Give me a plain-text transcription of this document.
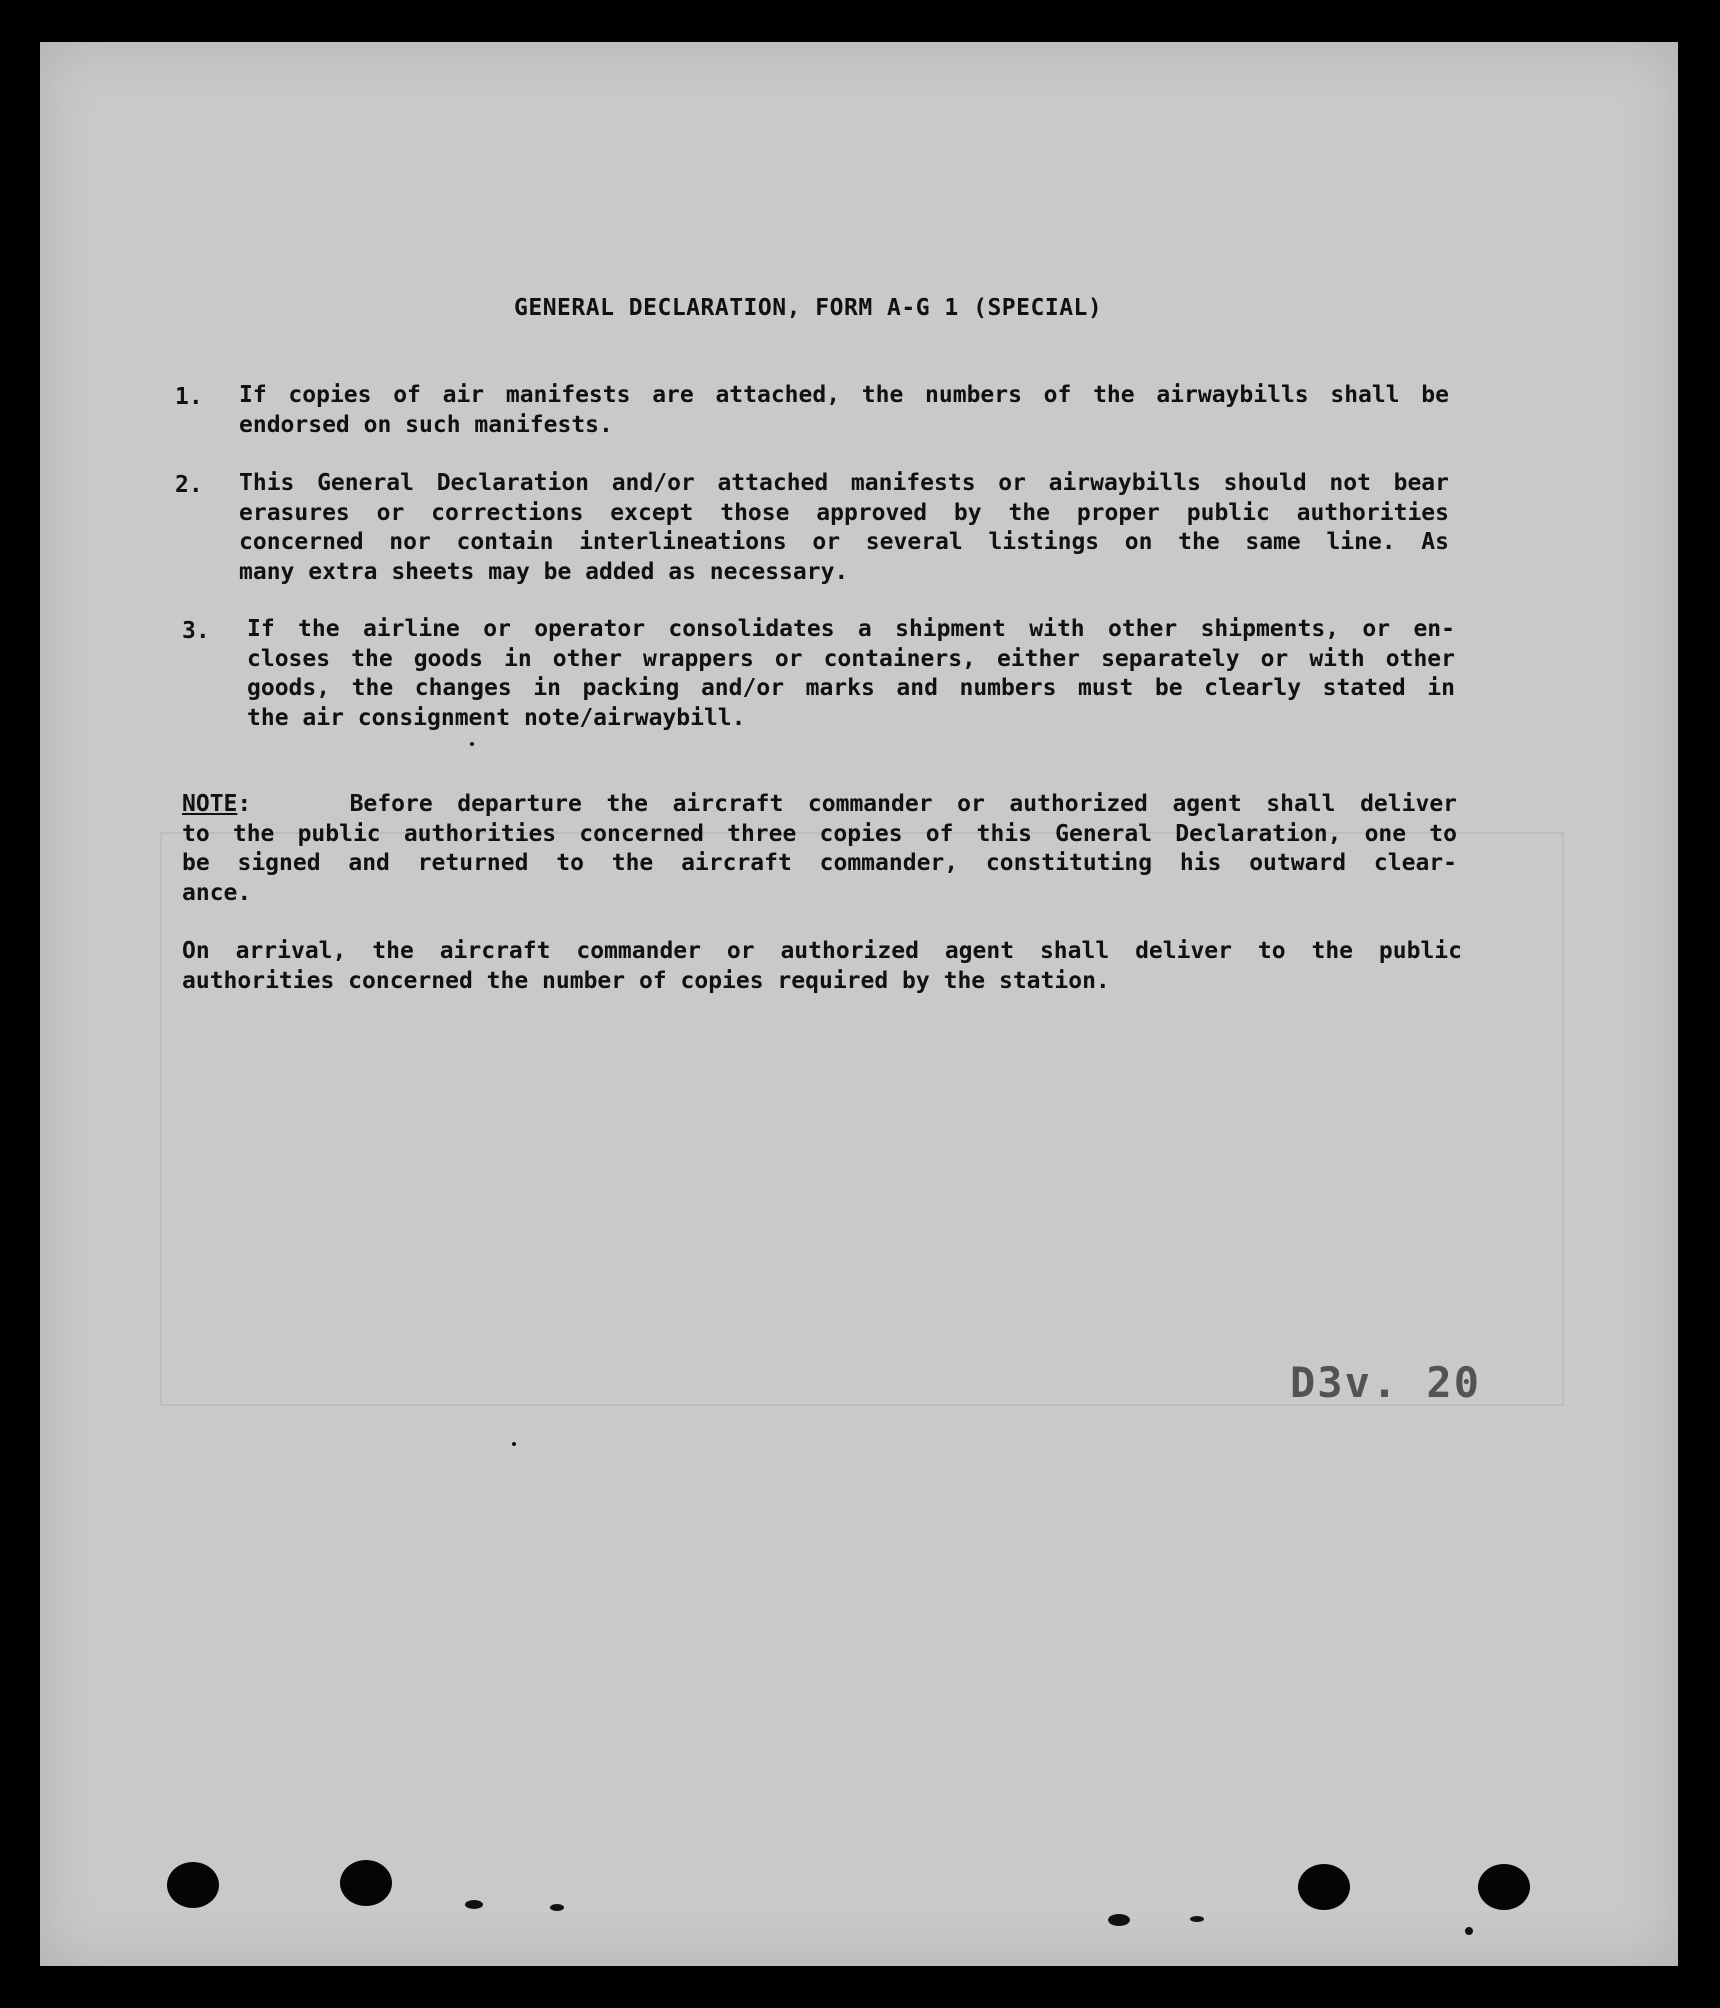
GENERAL DECLARATION, FORM A-G 1 (SPECIAL)
1. If copies of air manifests are attached, the numbers of the airwaybills shall be
endorsed on such manifests.
2. This General Declaration and/or attached manifests or airwaybills should not bear
erasures or corrections except those approved by the proper public authorities
concerned nor contain interlineations or several listings on the same line. As
many extra sheets may be added as necessary.
3. If the airline or operator consolidates a shipment with other shipments, or en-
closes the goods in other wrappers or containers, either separately or with other
goods, the changes in packing and/or marks and numbers must be clearly stated in
the air consignment note/airwaybill.
NOTE:	Before departure the aircraft commander or authorized agent shall deliver
to the public authorities concerned three copies of this General Declaration, one to
be signed and returned to the aircraft commander, constituting his outward clear-
ance.
On arrival, the aircraft commander or authorized agent shall deliver to the public
authorities concerned the number of copies required by the station.
D3v. 20
